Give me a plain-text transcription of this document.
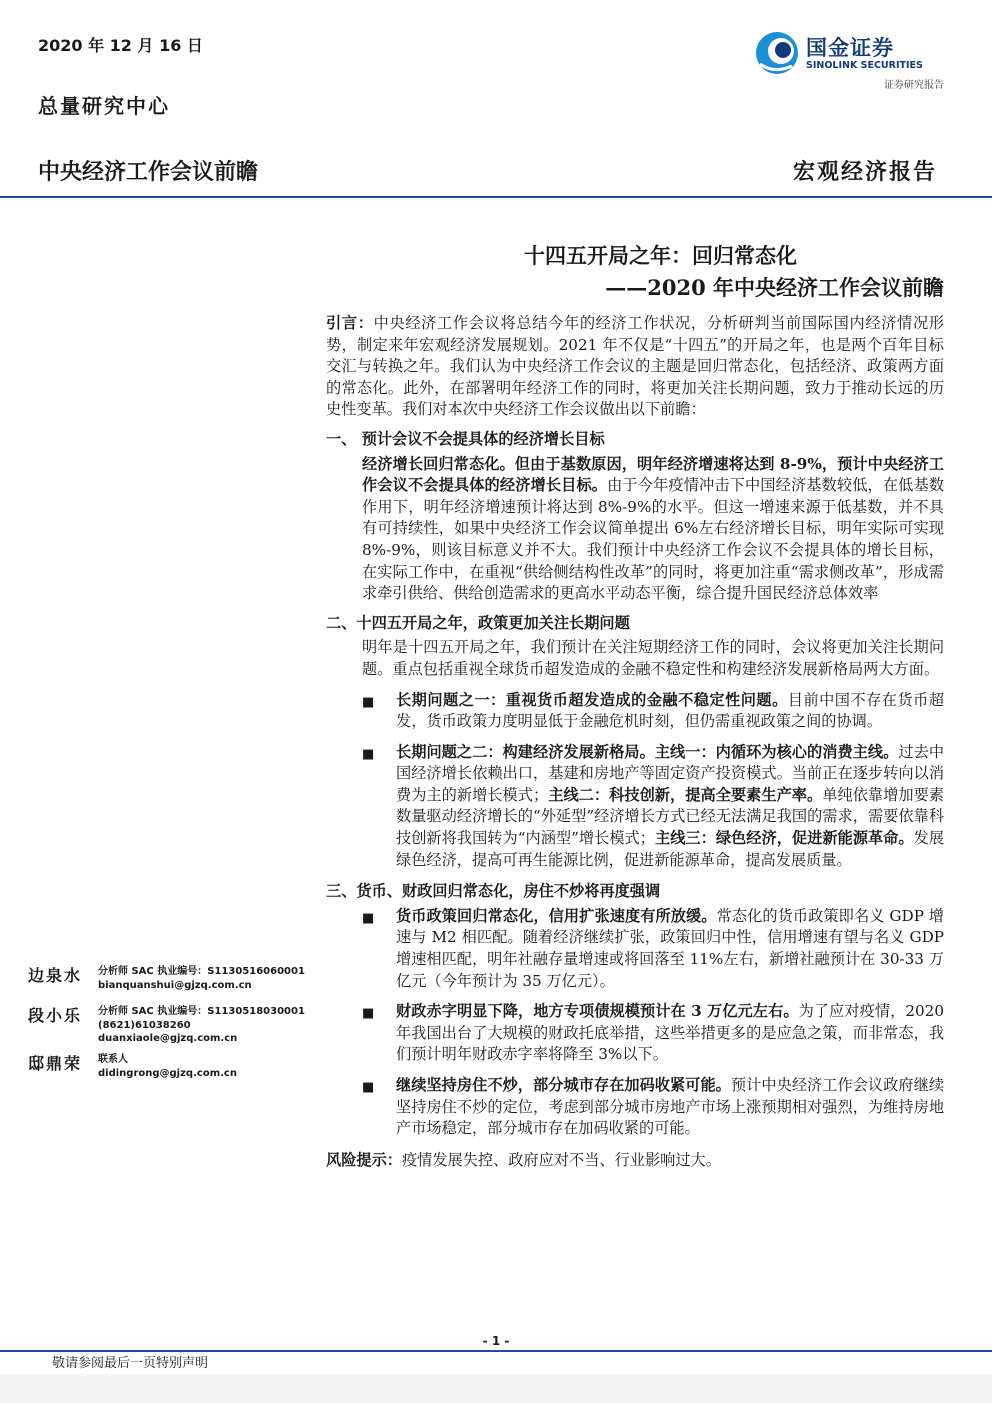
2020 年 12 月 16 日
总量研究中心
中央经济工作会议前瞻	宏观经济报告
国金证券
SINOLINK SECURITIES
证券研究报告
十四五开局之年：回归常态化
——2020 年中央经济工作会议前瞻

引言：中央经济工作会议将总结今年的经济工作状况，分析研判当前国际国内经济情况形势，制定来年宏观经济发展规划。2021 年不仅是“十四五”的开局之年，也是两个百年目标交汇与转换之年。我们认为中央经济工作会议的主题是回归常态化，包括经济、政策两方面的常态化。此外，在部署明年经济工作的同时，将更加关注长期问题，致力于推动长远的历史性变革。我们对本次中央经济工作会议做出以下前瞻：

一、 预计会议不会提具体的经济增长目标

经济增长回归常态化。但由于基数原因，明年经济增速将达到 8-9%，预计中央经济工作会议不会提具体的经济增长目标。由于今年疫情冲击下中国经济基数较低，在低基数作用下，明年经济增速预计将达到 8%-9%的水平。但这一增速来源于低基数，并不具有可持续性，如果中央经济工作会议简单提出 6%左右经济增长目标，明年实际可实现 8%-9%，则该目标意义并不大。我们预计中央经济工作会议不会提具体的增长目标，在实际工作中，在重视“供给侧结构性改革”的同时，将更加注重“需求侧改革”，形成需求牵引供给、供给创造需求的更高水平动态平衡，综合提升国民经济总体效率

二、十四五开局之年，政策更加关注长期问题

明年是十四五开局之年，我们预计在关注短期经济工作的同时，会议将更加关注长期问题。重点包括重视全球货币超发造成的金融不稳定性和构建经济发展新格局两大方面。

■	长期问题之一：重视货币超发造成的金融不稳定性问题。目前中国不存在货币超发，货币政策力度明显低于金融危机时刻，但仍需重视政策之间的协调。
■	长期问题之二：构建经济发展新格局。主线一：内循环为核心的消费主线。过去中国经济增长依赖出口，基建和房地产等固定资产投资模式。当前正在逐步转向以消费为主的新增长模式；主线二：科技创新，提高全要素生产率。单纯依靠增加要素数量驱动经济增长的“外延型”经济增长方式已经无法满足我国的需求，需要依靠科技创新将我国转为“内涵型”增长模式；主线三：绿色经济，促进新能源革命。发展绿色经济，提高可再生能源比例，促进新能源革命，提高发展质量。
三、货币、财政回归常态化，房住不炒将再度强调
■	货币政策回归常态化，信用扩张速度有所放缓。常态化的货币政策即名义 GDP 增速与 M2 相匹配。随着经济继续扩张，政策回归中性，信用增速有望与名义 GDP 增速相匹配，明年社融存量增速或将回落至 11%左右，新增社融预计在 30-33 万亿元（今年预计为 35 万亿元）。
■	财政赤字明显下降，地方专项债规模预计在 3 万亿元左右。为了应对疫情，2020 年我国出台了大规模的财政托底举措，这些举措更多的是应急之策，而非常态，我们预计明年财政赤字率将降至 3%以下。
■	继续坚持房住不炒，部分城市存在加码收紧可能。预计中央经济工作会议政府继续坚持房住不炒的定位，考虑到部分城市房地产市场上涨预期相对强烈，为维持房地产市场稳定，部分城市存在加码收紧的可能。

风险提示：疫情发展失控、政府应对不当、行业影响过大。

边泉水 分析师 SAC 执业编号：S1130516060001
bianquanshui@gjzq.com.cn
段小乐 分析师 SAC 执业编号：S1130518030001
(8621)61038260
duanxiaole@gjzq.com.cn
邸鼎荣 联系人
didingrong@gjzq.com.cn
- 1 -
敬请参阅最后一页特别声明
